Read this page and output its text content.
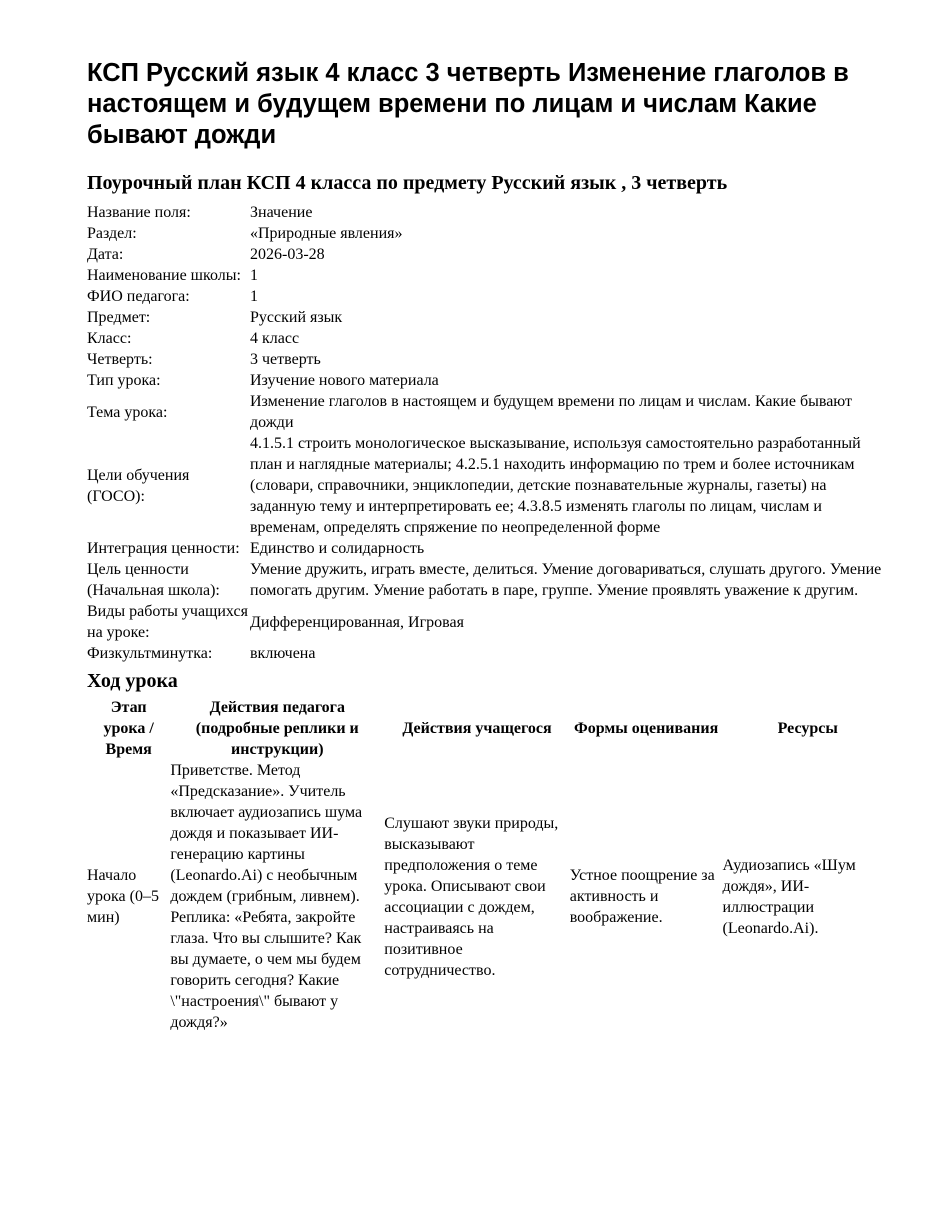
КСП Русский язык 4 класс 3 четверть Изменение глаголов в настоящем и будущем времени по лицам и числам Какие бывают дожди
Поурочный план КСП 4 класса по предмету Русский язык , 3 четверть
Название поля:	Значение
Раздел:	«Природные явления»
Дата:	2026-03-28
Наименование школы:	1
ФИО педагога:	1
Предмет:	Русский язык
Класс:	4 класс
Четверть:	3 четверть
Тип урока:	Изучение нового материала
Тема урока:	Изменение глаголов в настоящем и будущем времени по лицам и числам. Какие бывают дожди
Цели обучения (ГОСО):	4.1.5.1 строить монологическое высказывание, используя самостоятельно разработанный план и наглядные материалы; 4.2.5.1 находить информацию по трем и более источникам (словари, справочники, энциклопедии, детские познавательные журналы, газеты) на заданную тему и интерпретировать ее; 4.3.8.5 изменять глаголы по лицам, числам и временам, определять спряжение по неопределенной форме
Интеграция ценности:	Единство и солидарность
Цель ценности (Начальная школа):	Умение дружить, играть вместе, делиться. Умение договариваться, слушать другого. Умение помогать другим. Умение работать в паре, группе. Умение проявлять уважение к другим.
Виды работы учащихся на уроке:	Дифференцированная, Игровая
Физкультминутка:	включена
Ход урока
Этап урока / Время	Действия педагога (подробные реплики и инструкции)	Действия учащегося	Формы оценивания	Ресурсы
Начало урока (0–5 мин)	Приветстве. Метод «Предсказание». Учитель включает аудиозапись шума дождя и показывает ИИ-генерацию картины (Leonardo.Ai) с необычным дождем (грибным, ливнем). Реплика: «Ребята, закройте глаза. Что вы слышите? Как вы думаете, о чем мы будем говорить сегодня? Какие \"настроения\" бывают у дождя?»	Слушают звуки природы, высказывают предположения о теме урока. Описывают свои ассоциации с дождем, настраиваясь на позитивное сотрудничество.	Устное поощрение за активность и воображение.	Аудиозапись «Шум дождя», ИИ-иллюстрации (Leonardo.Ai).
